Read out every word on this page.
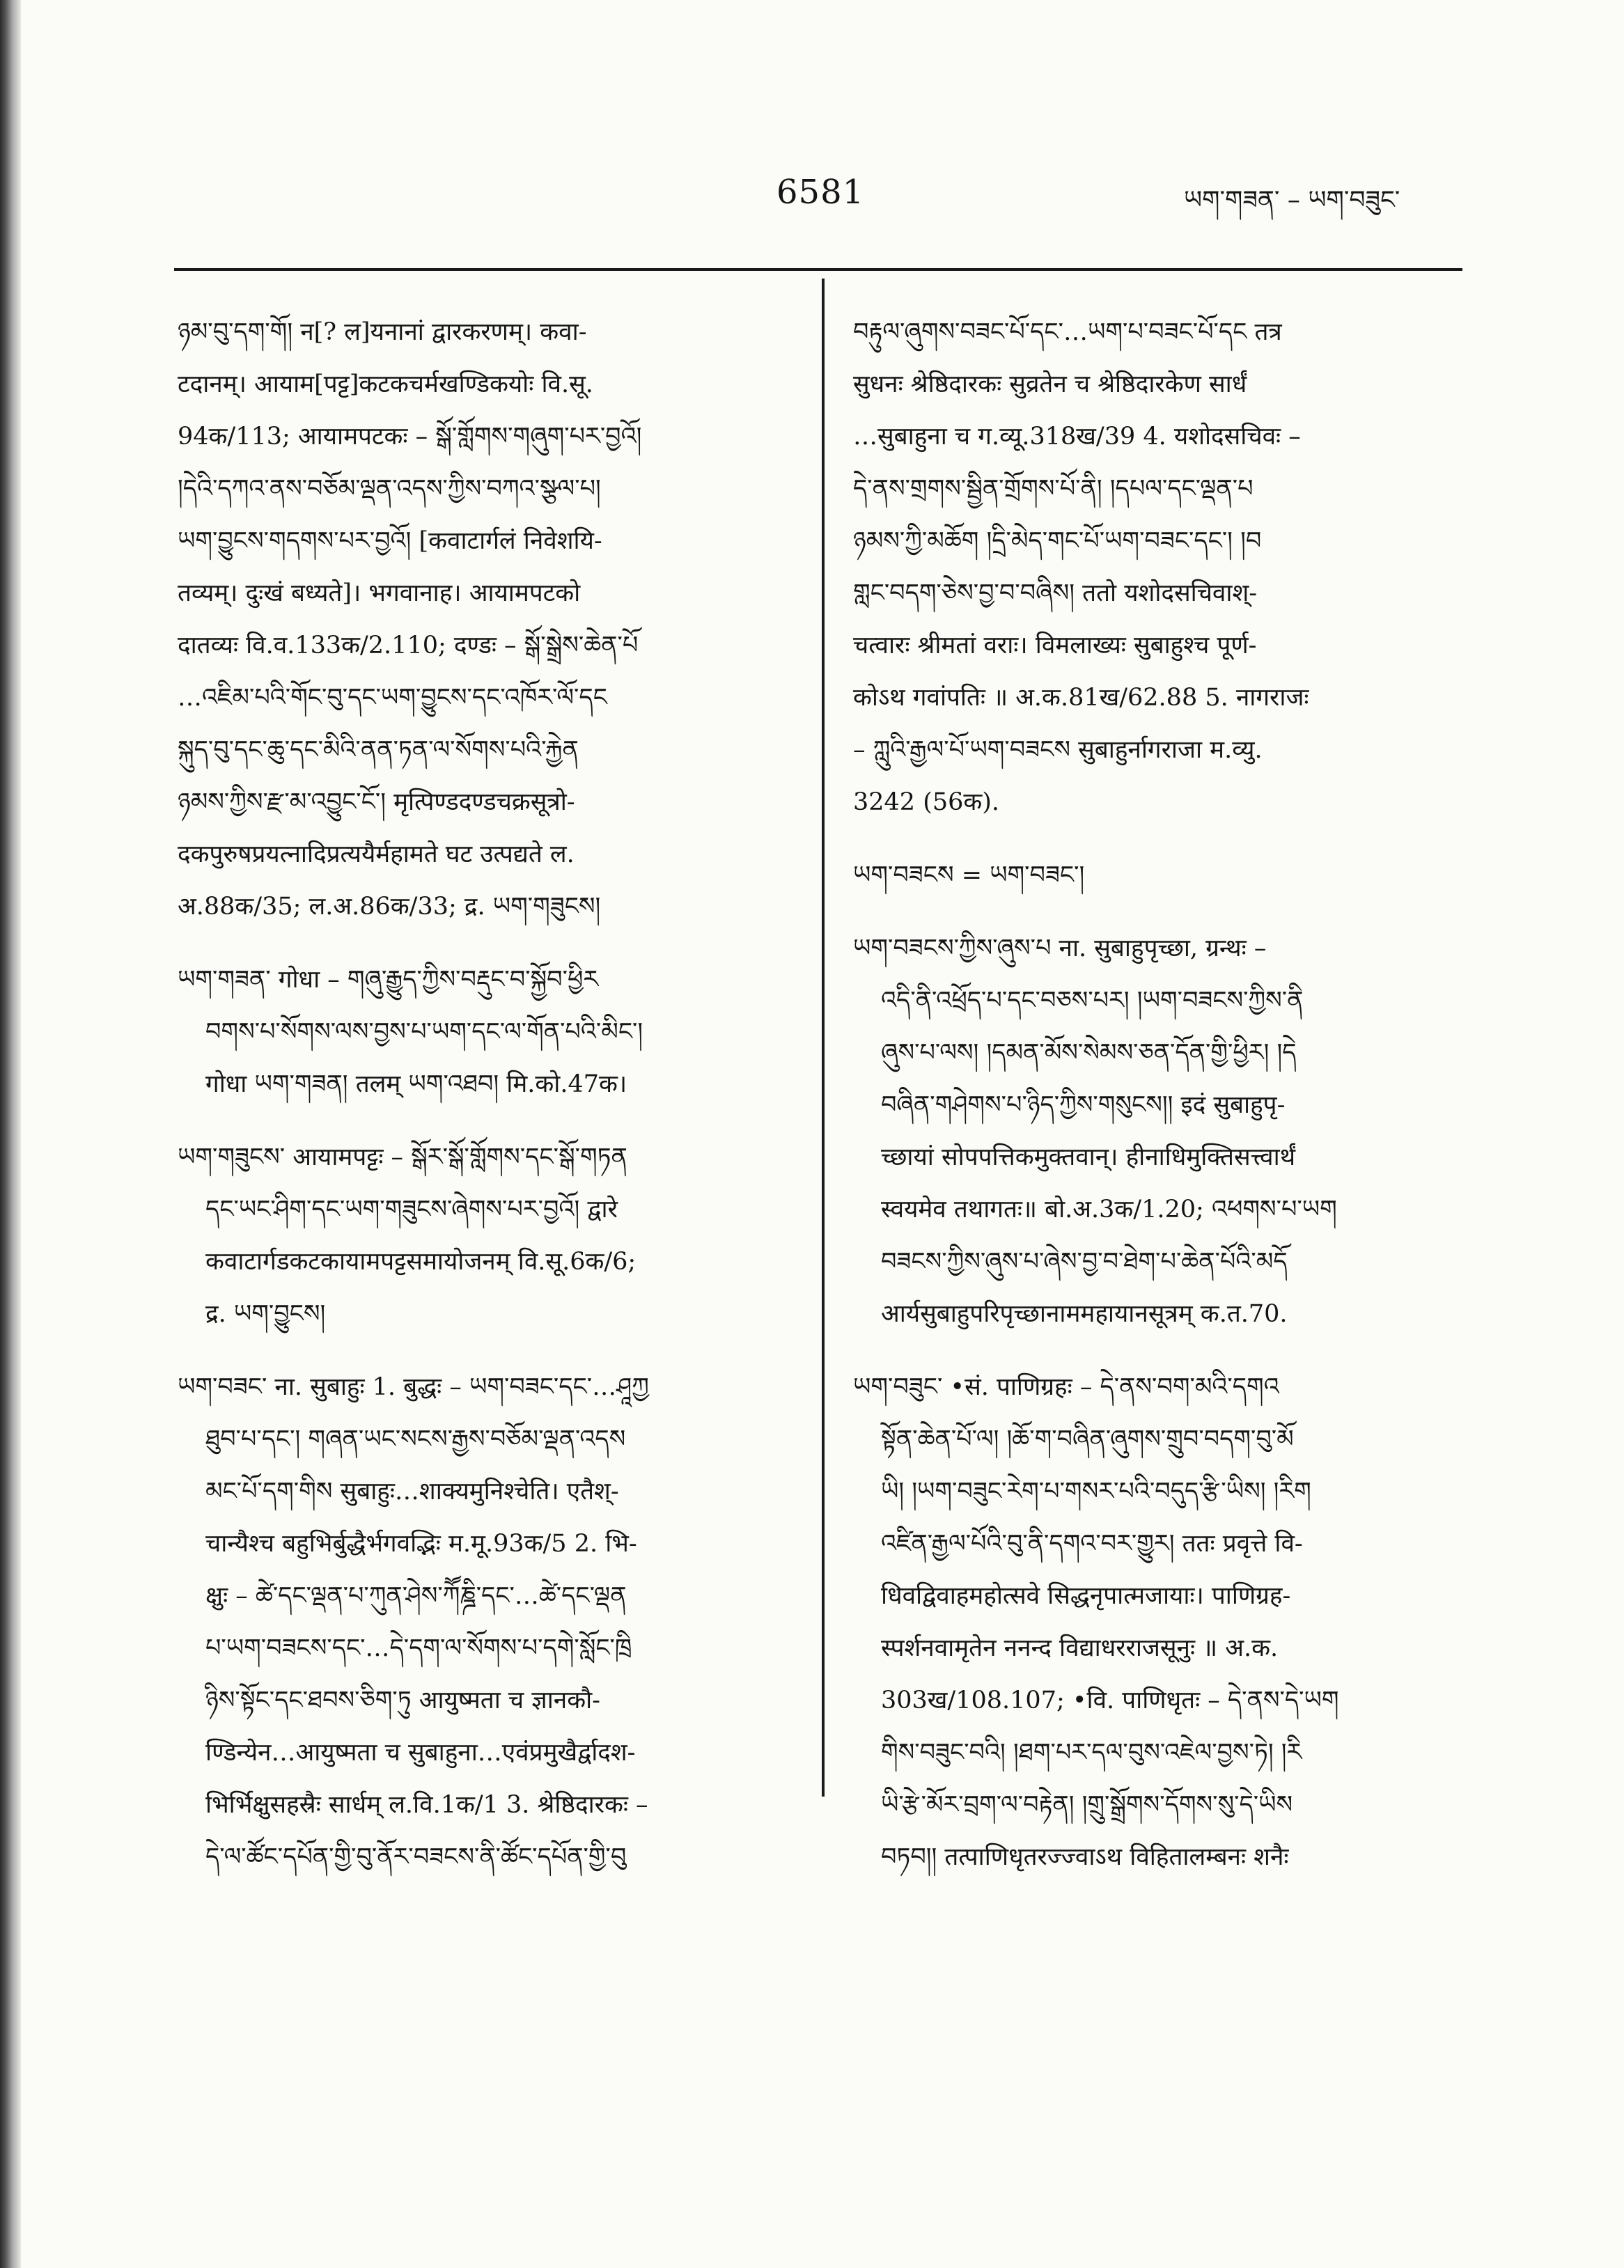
6581	ཡག་གཟན་ – ཡག་བཟུང་
ཉམ་བུ་དག་གོ། न[? ल]यनानां द्वारकरणम्। कवा-
टदानम्। आयाम[पट्ट]कटकचर्मखण्डिकयोः वि.सू.
94क/113; आयामपटकः – སྒོ་གློགས་གཞུག་པར་བྱའོ།
།དེའི་དཀའ་ནས་བཅོམ་ལྡན་འདས་ཀྱིས་བཀའ་སྩལ་པ།
ཡག་བྱུངས་གདགས་པར་བྱའོ། [कवाटार्गलं निवेशयि-
तव्यम्। दुःखं बध्यते]। भगवानाह। आयामपटको
दातव्यः वि.व.133क/2.110; दण्डः – སྒོ་སྒྲེས་ཆེན་པོ
…འཇིམ་པའི་གོང་བུ་དང་ཡག་བྱུངས་དང་འཁོར་ལོ་དང
སྐུད་བུ་དང་ཆུ་དང་མིའི་ནན་ཏན་ལ་སོགས་པའི་རྐྱེན
ཉམས་ཀྱིས་རྫ་མ་འབྱུང་ངོ་། मृत्पिण्डदण्डचक्रसूत्रो-
दकपुरुषप्रयत्नादिप्रत्ययैर्महामते घट उत्पद्यते ल.
अ.88क/35; ल.अ.86क/33; द्र. ཡག་གཟུངས།
ཡག་གཟན་ गोधा – གཞུ་རྒྱུད་ཀྱིས་བརྡུང་བ་སྐྱོབ་ཕྱིར
བགས་པ་སོགས་ལས་བྱས་པ་ཡག་དང་ལ་གོན་པའི་མིང་།
गोधा ཡག་གཟན། तलम् ཡག་འཐབ། मि.को.47क।
ཡག་གཟུངས་ आयामपट्टः – སྒོར་སྒོ་གློགས་དང་སྒོ་གཏན
དང་ཡང་ཤིག་དང་ཡག་གཟུངས་ཞེགས་པར་བྱའོ། द्वारे
कवाटार्गडकटकायामपट्टसमायोजनम् वि.सू.6क/6;
द्र. ཡག་བྱུངས།
ཡག་བཟང་ ना. सुबाहुः 1. बुद्धः – ཡག་བཟང་དང་…ཤཱཀྱ
ཐུབ་པ་དང་། གཞན་ཡང་སངས་རྒྱས་བཅོམ་ལྡན་འདས
མང་པོ་དག་གིས सुबाहुः…शाक्यमुनिश्चेति। एतैश्-
चान्यैश्च बहुभिर्बुद्धैर्भगवद्भिः म.मू.93क/5 2. भि-
क्षुः – ཚེ་དང་ལྡན་པ་ཀུན་ཤེས་ཀཽཎྜི་དང་…ཚེ་དང་ལྡན
པ་ཡག་བཟངས་དང་…དེ་དག་ལ་སོགས་པ་དགེ་སློང་ཁྲི
ཉིས་སྟོང་དང་ཐབས་ཅིག་ཏུ आयुष्मता च ज्ञानकौ-
ण्डिन्येन…आयुष्मता च सुबाहुना…एवंप्रमुखैर्द्वादश-
भिर्भिक्षुसहस्रैः सार्धम् ल.वि.1क/1 3. श्रेष्ठिदारकः –
དེ་ལ་ཚོང་དཔོན་གྱི་བུ་ནོར་བཟངས་ནི་ཚོང་དཔོན་གྱི་བུ
བརྟུལ་ཞུགས་བཟང་པོ་དང་…ཡག་པ་བཟང་པོ་དང तत्र
सुधनः श्रेष्ठिदारकः सुव्रतेन च श्रेष्ठिदारकेण सार्धं
…सुबाहुना च ग.व्यू.318ख/39 4. यशोदसचिवः –
དེ་ནས་གྲགས་སྦྱིན་གྲོགས་པོ་ནི། །དཔལ་དང་ལྡན་པ
ཉམས་ཀྱི་མཆོག །དྲི་མེད་གང་པོ་ཡག་བཟང་དང་། །བ
གླང་བདག་ཅེས་བྱ་བ་བཞིས། ततो यशोदसचिवाश्-
चत्वारः श्रीमतां वराः। विमलाख्यः सुबाहुश्च पूर्ण-
कोऽथ गवांपतिः ॥ अ.क.81ख/62.88 5. नागराजः
– ཀླུའི་རྒྱལ་པོ་ཡག་བཟངས सुबाहुर्नागराजा म.व्यु.
3242 (56क).
ཡག་བཟངས = ཡག་བཟང་།
ཡག་བཟངས་ཀྱིས་ཞུས་པ ना. सुबाहुपृच्छा, ग्रन्थः –
འདི་ནི་འཕྲོད་པ་དང་བཅས་པར། །ཡག་བཟངས་ཀྱིས་ནི
ཞུས་པ་ལས། །དམན་མོས་སེམས་ཅན་དོན་གྱི་ཕྱིར། །དེ
བཞིན་གཤེགས་པ་ཉིད་ཀྱིས་གསུངས།། इदं सुबाहुपृ-
च्छायां सोपपत्तिकमुक्तवान्। हीनाधिमुक्तिसत्त्वार्थं
स्वयमेव तथागतः॥ बो.अ.3क/1.20; འཕགས་པ་ཡག
བཟངས་ཀྱིས་ཞུས་པ་ཞེས་བྱ་བ་ཐེག་པ་ཆེན་པོའི་མདོ
आर्यसुबाहुपरिपृच्छानाममहायानसूत्रम् क.त.70.
ཡག་བཟུང་ •सं. पाणिग्रहः – དེ་ནས་བག་མའི་དགའ
སྟོན་ཆེན་པོ་ལ། །ཆོ་ག་བཞིན་ཞུགས་གྲུབ་བདག་བུ་མོ
ཡི། །ཡག་བཟུང་རེག་པ་གསར་པའི་བདུད་རྩི་ཡིས། །རིག
འཛིན་རྒྱལ་པོའི་བུ་ནི་དགའ་བར་གྱུར། ततः प्रवृत्ते वि-
धिवद्विवाहमहोत्सवे सिद्धनृपात्मजायाः। पाणिग्रह-
स्पर्शनवामृतेन ननन्द विद्याधरराजसूनुः ॥ अ.क.
303ख/108.107; •वि. पाणिधृतः – དེ་ནས་དེ་ཡག
གིས་བཟུང་བའི། །ཐག་པར་དལ་བུས་འཇེལ་བྱས་ཏེ། །རི
ཡི་རྩེ་མོར་བྲག་ལ་བརྟེན། །གྲུ་སྒྲོགས་དོགས་སུ་དེ་ཡིས
བཏབ།། तत्पाणिधृतरज्ज्वाऽथ विहितालम्बनः शनैः
